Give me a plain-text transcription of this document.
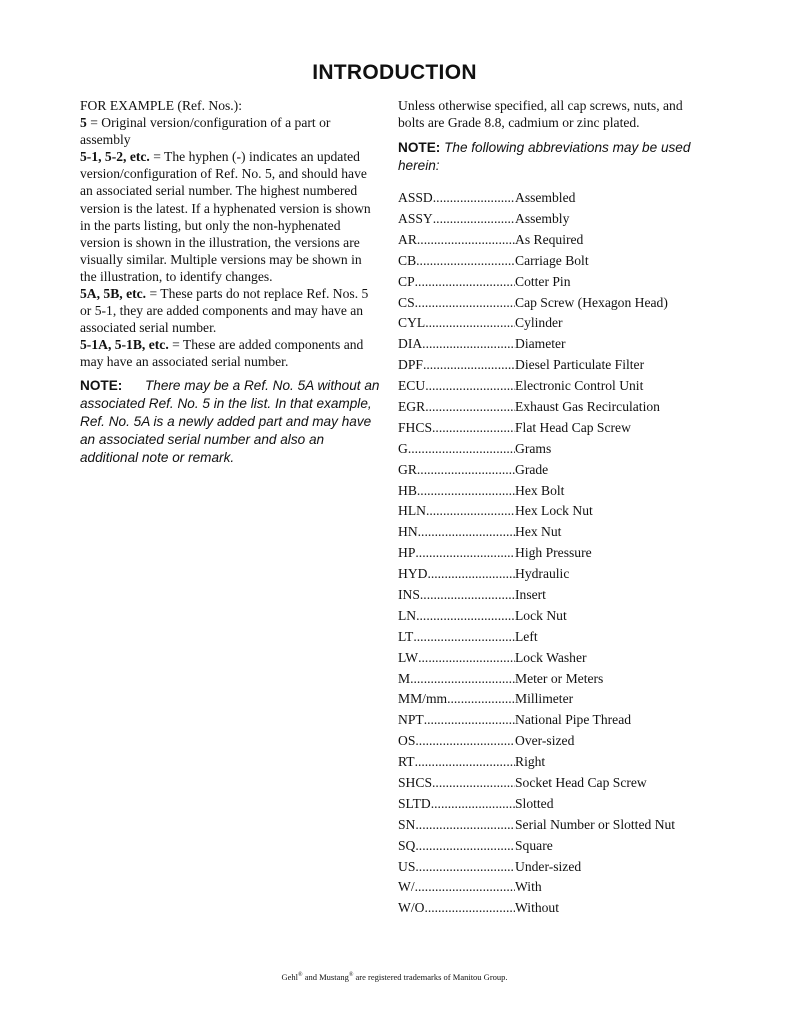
INTRODUCTION

FOR EXAMPLE (Ref. Nos.):

5 = Original version/configuration of a part or assembly

5-1, 5-2, etc. = The hyphen (-) indicates an updated version/configuration of Ref. No. 5, and should have an associated serial number. The highest numbered version is the latest. If a hyphenated version is shown in the parts listing, but only the non-hyphenated version is shown in the illustration, the versions are visually similar. Multiple versions may be shown in the illustration, to identify changes.

5A, 5B, etc. = These parts do not replace Ref. Nos. 5 or 5-1, they are added components and may have an associated serial number.

5-1A, 5-1B, etc. = These are added components and may have an associated serial number.

NOTE: There may be a Ref. No. 5A without an associated Ref. No. 5 in the list. In that example, Ref. No. 5A is a newly added part and may have an associated serial number and also an additional note or remark.

Unless otherwise specified, all cap screws, nuts, and bolts are Grade 8.8, cadmium or zinc plated.

NOTE: The following abbreviations may be used herein:
ASSD .....	Assembled
ASSY .....	Assembly
AR .....	As Required
CB .....	Carriage Bolt
CP .....	Cotter Pin
CS .....	Cap Screw (Hexagon Head)
CYL .....	Cylinder
DIA .....	Diameter
DPF .....	Diesel Particulate Filter
ECU .....	Electronic Control Unit
EGR .....	Exhaust Gas Recirculation
FHCS .....	Flat Head Cap Screw
G .....	Grams
GR .....	Grade
HB .....	Hex Bolt
HLN .....	Hex Lock Nut
HN .....	Hex Nut
HP .....	High Pressure
HYD .....	Hydraulic
INS .....	Insert
LN .....	Lock Nut
LT .....	Left
LW .....	Lock Washer
M .....	Meter or Meters
MM/mm .....	Millimeter
NPT .....	National Pipe Thread
OS .....	Over-sized
RT .....	Right
SHCS .....	Socket Head Cap Screw
SLTD .....	Slotted
SN .....	Serial Number or Slotted Nut
SQ .....	Square
US .....	Under-sized
W/ .....	With
W/O .....	Without
Gehl® and Mustang® are registered trademarks of Manitou Group.
